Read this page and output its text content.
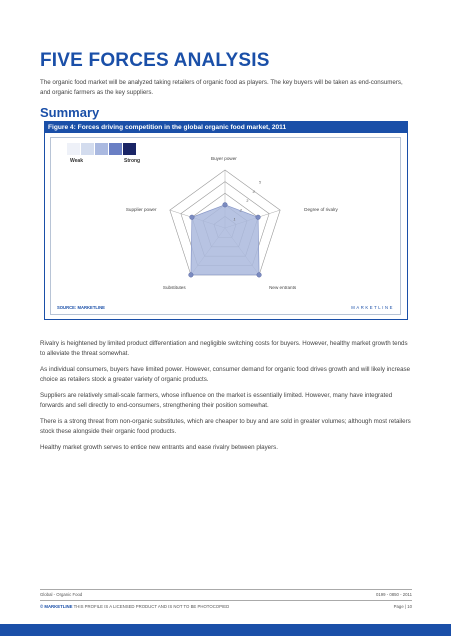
FIVE FORCES ANALYSIS
The organic food market will be analyzed taking retailers of organic food as players. The key buyers will be taken as end-consumers, and organic farmers as the key suppliers.
Summary
Figure 4: Forces driving competition in the global organic food market, 2011
Weak	Strong
1
2
3
4
5
Buyer power
Degree of rivalry
New entrants
Substitutes
Supplier power
SOURCE: MARKETLINE	MARKETLINE
Rivalry is heightened by limited product differentiation and negligible switching costs for buyers. However, healthy market growth tends to alleviate the threat somewhat.
As individual consumers, buyers have limited power. However, consumer demand for organic food drives growth and will likely increase choice as retailers stock a greater variety of organic products.
Suppliers are relatively small-scale farmers, whose influence on the market is essentially limited. However, many have integrated forwards and sell directly to end-consumers, strengthening their position somewhat.
There is a strong threat from non-organic substitutes, which are cheaper to buy and are sold in greater volumes; although most retailers stock these alongside their organic food products.
Healthy market growth serves to entice new entrants and ease rivalry between players.
Global - Organic Food	0199 - 0850 - 2011
© MARKETLINE THIS PROFILE IS A LICENSED PRODUCT AND IS NOT TO BE PHOTOCOPIED	Page | 10
